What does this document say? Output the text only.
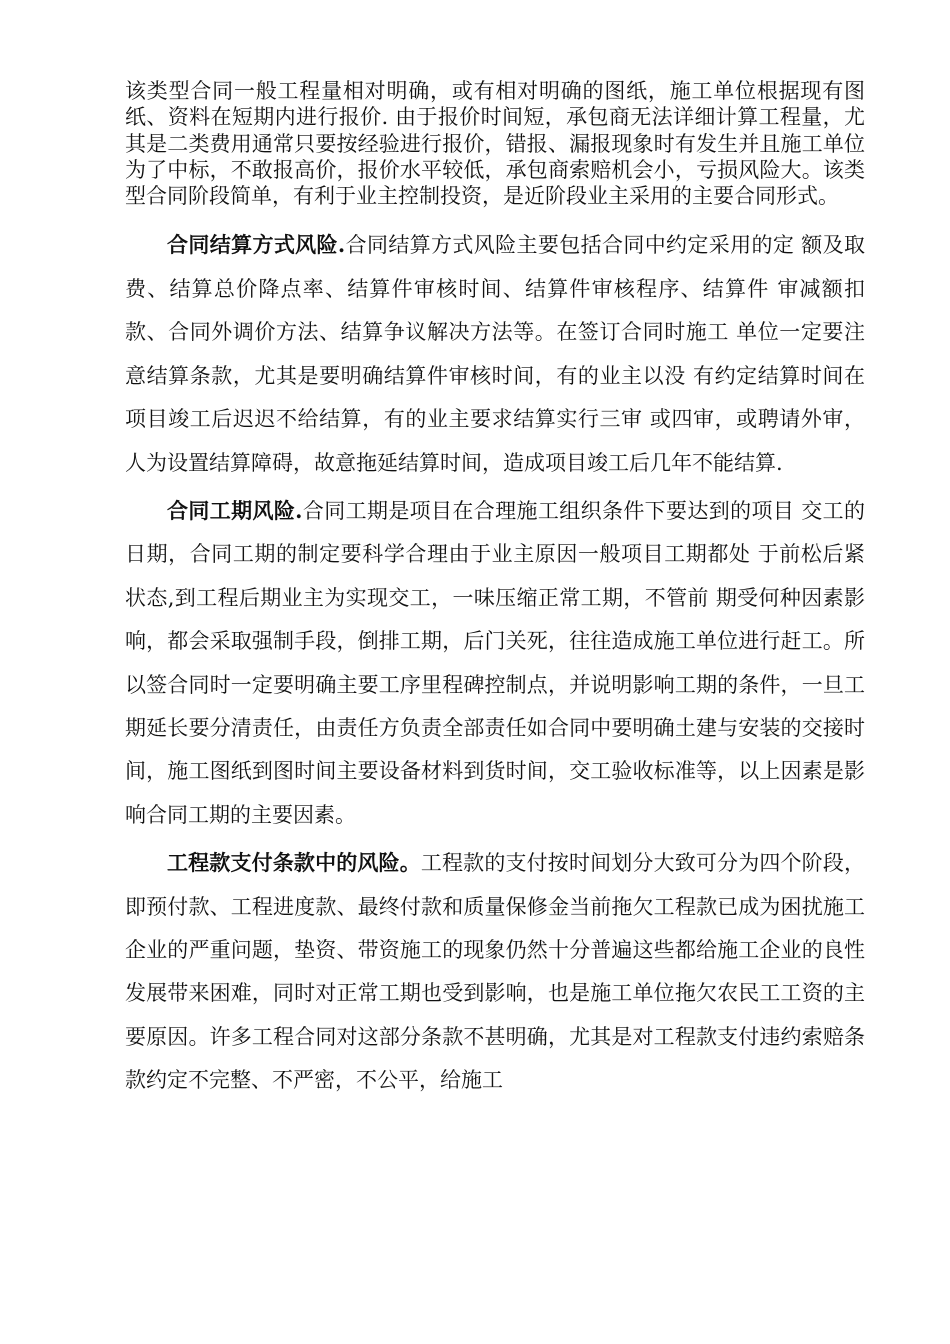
该类型合同一般工程量相对明确，或有相对明确的图纸，施工单位根据现有图纸、资料在短期内进行报价. 由于报价时间短，承包商无法详细计算工程量，尤其是二类费用通常只要按经验进行报价，错报、漏报现象时有发生并且施工单位为了中标，不敢报高价，报价水平较低，承包商索赔机会小，亏损风险大。该类型合同阶段简单，有利于业主控制投资，是近阶段业主采用的主要合同形式。

合同结算方式风险.合同结算方式风险主要包括合同中约定采用的定 额及取费、结算总价降点率、结算件审核时间、结算件审核程序、结算件 审减额扣款、合同外调价方法、结算争议解决方法等。在签订合同时施工 单位一定要注意结算条款，尤其是要明确结算件审核时间，有的业主以没 有约定结算时间在项目竣工后迟迟不给结算，有的业主要求结算实行三审 或四审，或聘请外审，人为设置结算障碍，故意拖延结算时间，造成项目竣工后几年不能结算.

合同工期风险.合同工期是项目在合理施工组织条件下要达到的项目 交工的日期，合同工期的制定要科学合理由于业主原因一般项目工期都处 于前松后紧状态,到工程后期业主为实现交工，一味压缩正常工期，不管前 期受何种因素影响，都会采取强制手段，倒排工期，后门关死，往往造成施工单位进行赶工。所以签合同时一定要明确主要工序里程碑控制点，并说明影响工期的条件，一旦工期延长要分清责任，由责任方负责全部责任如合同中要明确土建与安装的交接时间，施工图纸到图时间主要设备材料到货时间，交工验收标准等，以上因素是影响合同工期的主要因素。

工程款支付条款中的风险。工程款的支付按时间划分大致可分为四个阶段，即预付款、工程进度款、最终付款和质量保修金当前拖欠工程款已成为困扰施工企业的严重问题，垫资、带资施工的现象仍然十分普遍这些都给施工企业的良性发展带来困难，同时对正常工期也受到影响，也是施工单位拖欠农民工工资的主要原因。许多工程合同对这部分条款不甚明确，尤其是对工程款支付违约索赔条款约定不完整、不严密，不公平，给施工
